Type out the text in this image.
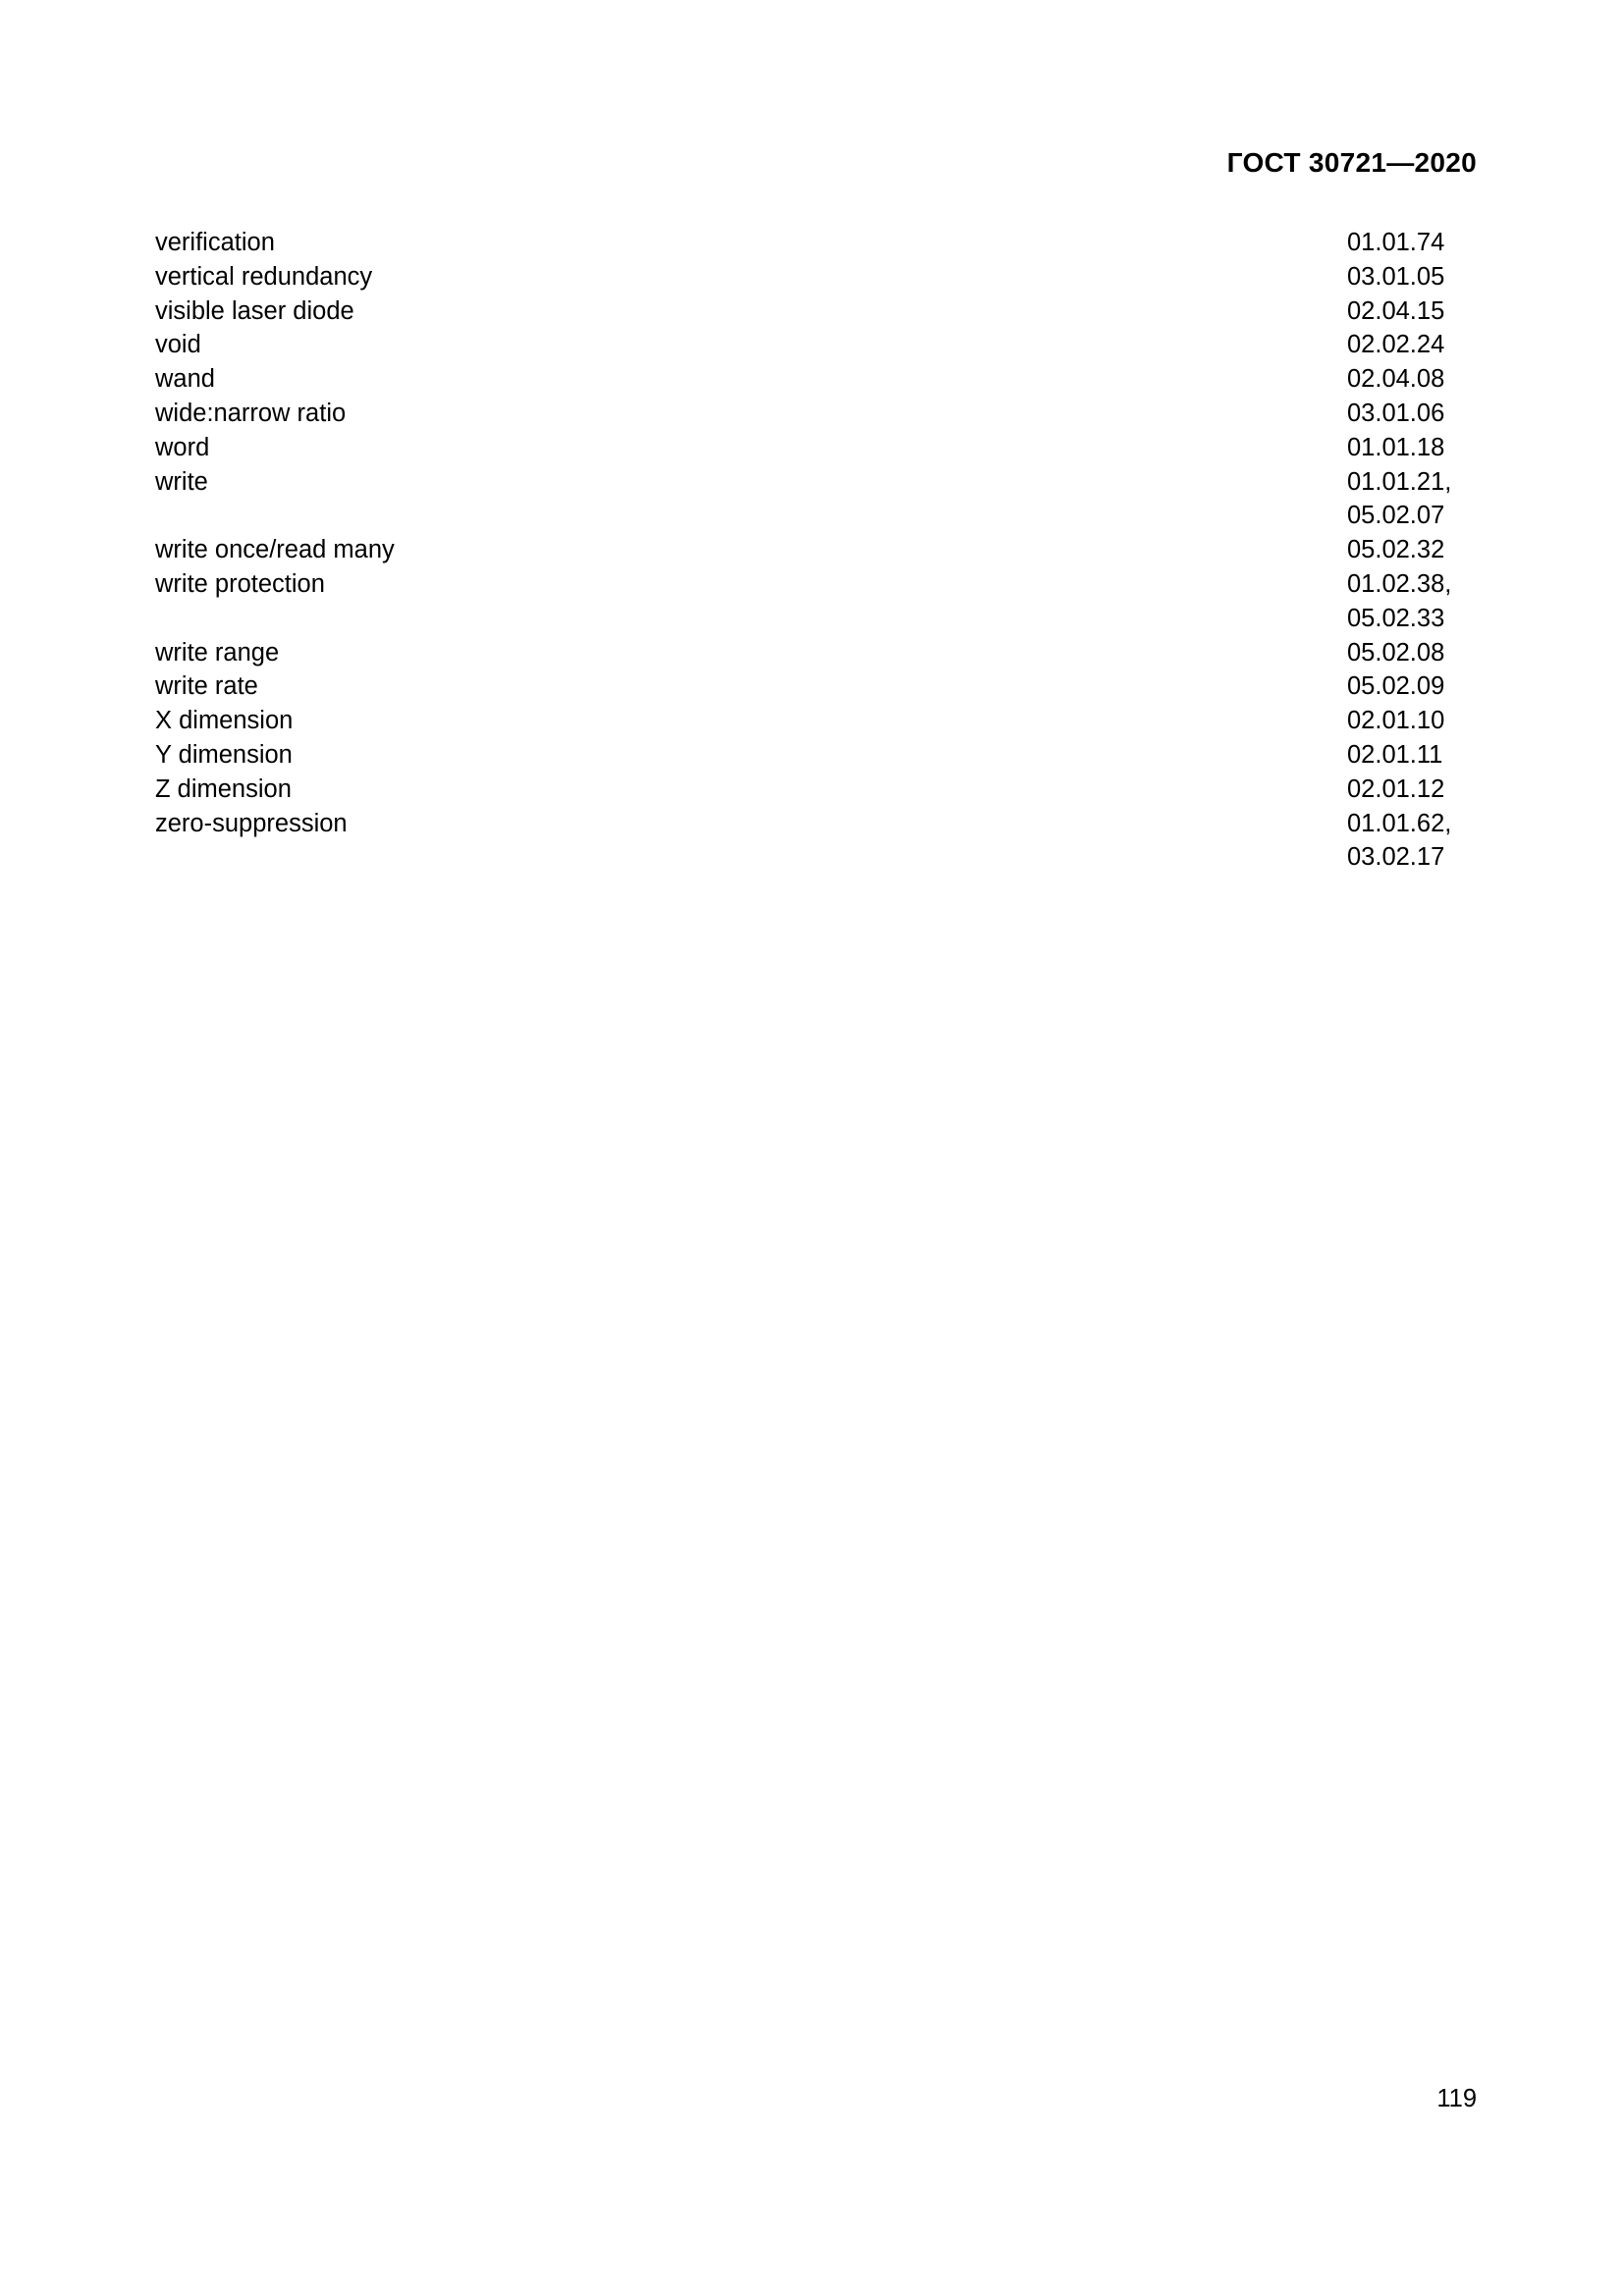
ГОСТ 30721—2020
verification	01.01.74
vertical redundancy	03.01.05
visible laser diode	02.04.15
void	02.02.24
wand	02.04.08
wide:narrow ratio	03.01.06
word	01.01.18
write	01.01.21,
05.02.07
write once/read many	05.02.32
write protection	01.02.38,
05.02.33
write range	05.02.08
write rate	05.02.09
X dimension	02.01.10
Y dimension	02.01.11
Z dimension	02.01.12
zero-suppression	01.01.62,
03.02.17
119
